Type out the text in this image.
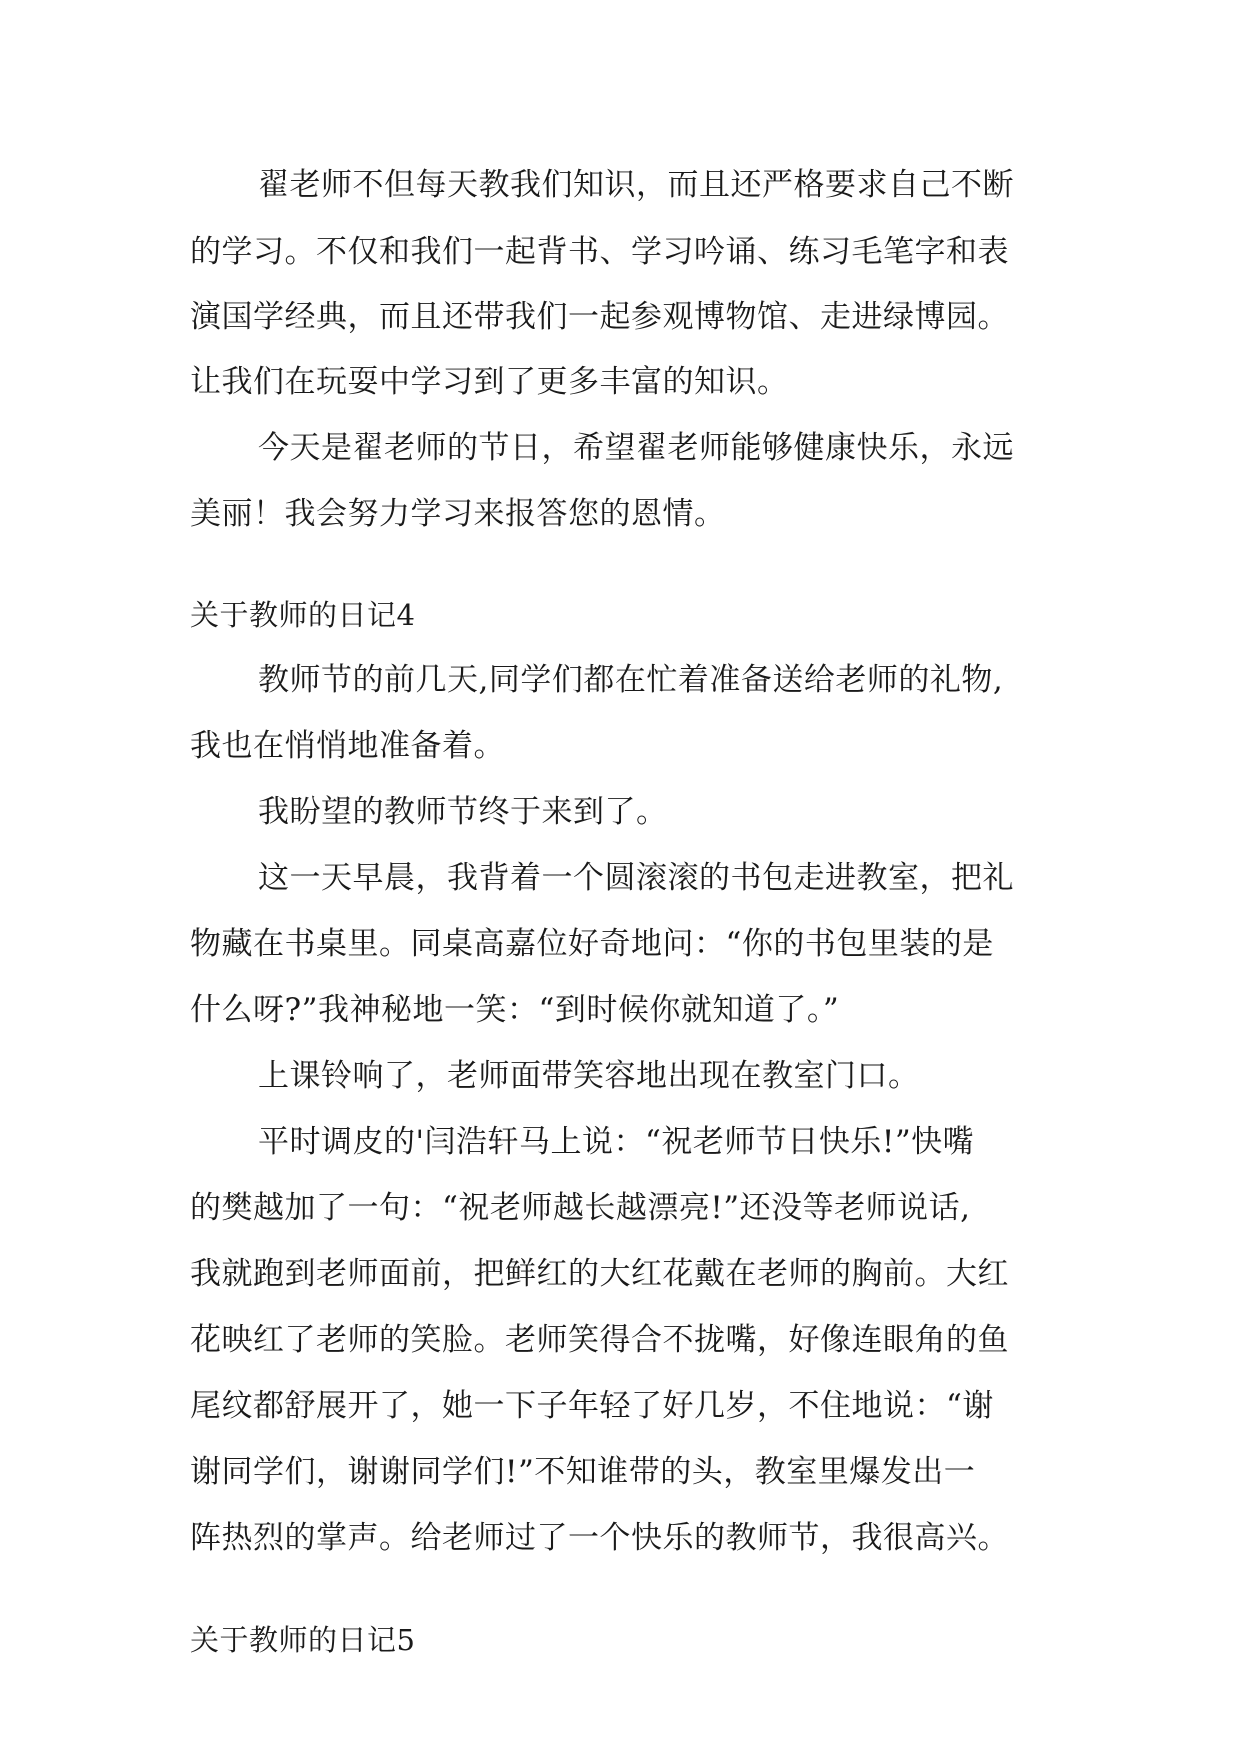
翟老师不但每天教我们知识，而且还严格要求自己不断
的学习。不仅和我们一起背书、学习吟诵、练习毛笔字和表
演国学经典，而且还带我们一起参观博物馆、走进绿博园。
让我们在玩耍中学习到了更多丰富的知识。
今天是翟老师的节日，希望翟老师能够健康快乐，永远
美丽！我会努力学习来报答您的恩情。
关于教师的日记4
教师节的前几天,同学们都在忙着准备送给老师的礼物,
我也在悄悄地准备着。
我盼望的教师节终于来到了。
这一天早晨，我背着一个圆滚滚的书包走进教室，把礼
物藏在书桌里。同桌高嘉位好奇地问：“你的书包里装的是
什么呀?”我神秘地一笑：“到时候你就知道了。”
上课铃响了，老师面带笑容地出现在教室门口。
平时调皮的'闫浩轩马上说：“祝老师节日快乐!”快嘴
的樊越加了一句：“祝老师越长越漂亮!”还没等老师说话,
我就跑到老师面前，把鲜红的大红花戴在老师的胸前。大红
花映红了老师的笑脸。老师笑得合不拢嘴，好像连眼角的鱼
尾纹都舒展开了，她一下子年轻了好几岁，不住地说：“谢
谢同学们，谢谢同学们!”不知谁带的头，教室里爆发出一
阵热烈的掌声。给老师过了一个快乐的教师节，我很高兴。
关于教师的日记5
